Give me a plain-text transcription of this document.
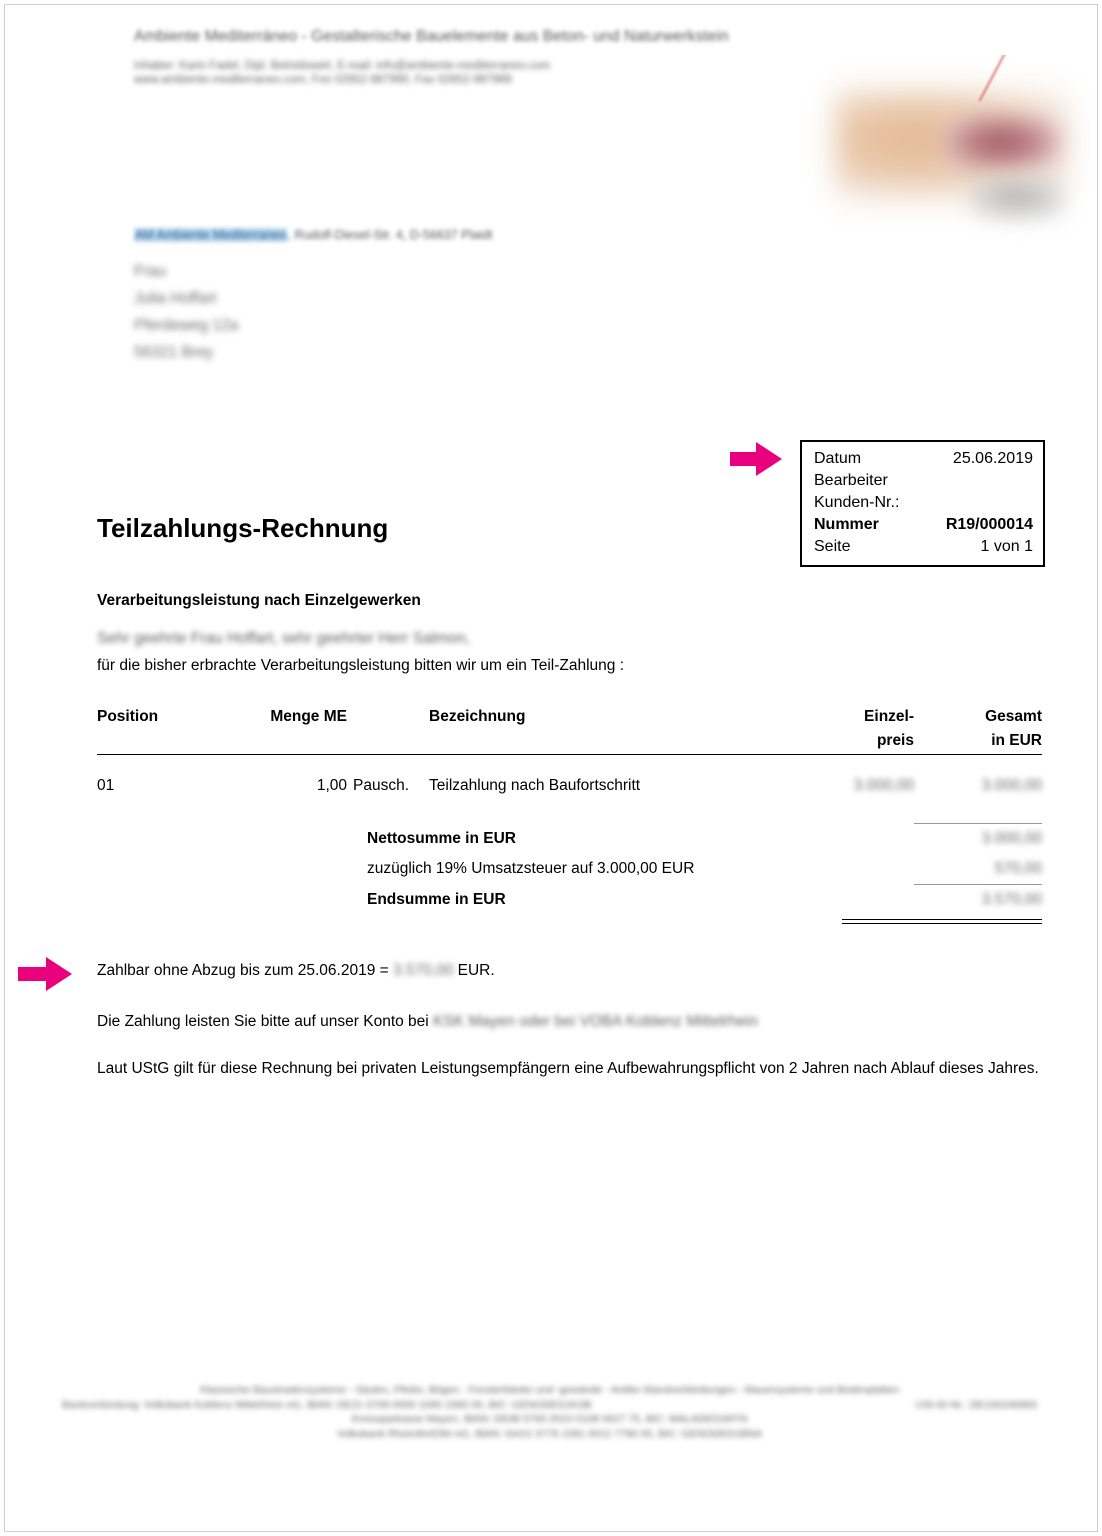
Ambiente Mediterráneo - Gestalterische Bauelemente aus Beton- und Naturwerkstein
Inhaber: Karin Fadel, Dipl. Betriebswirt, E-mail: info@ambiente-mediterraneo.com
www.ambiente-mediterraneo.com, Fon 02652-987990, Fax 02652-987989
AM Ambiente Mediterraneo, Rudolf-Diesel-Str. 4, D-56637 Plaidt
Frau
Julia Hoffart
Pferdeweg 12a
56321 Brey
Datum	25.06.2019
Bearbeiter
Kunden-Nr.:
Nummer	R19/000014
Seite	1 von 1
Teilzahlungs-Rechnung
Verarbeitungsleistung nach Einzelgewerken
Sehr geehrte Frau Hoffart, sehr geehrter Herr Salmon,
für die bisher erbrachte Verarbeitungsleistung bitten wir um ein Teil-Zahlung :
Position	Menge ME	Bezeichnung	Einzel-	Gesamt
preis	in EUR
01	1,00 Pausch.	Teilzahlung nach Baufortschritt	3.000,00	3.000,00
Nettosumme in EUR	3.000,00
zuzüglich 19% Umsatzsteuer auf 3.000,00 EUR	570,00
Endsumme in EUR	3.570,00
Zahlbar ohne Abzug bis zum 25.06.2019 = 3.570,00 EUR.
Die Zahlung leisten Sie bitte auf unser Konto bei KSK Mayen oder bei VOBA Koblenz Mittelrhein
Laut UStG gilt für diese Rechnung bei privaten Leistungsempfängern eine Aufbewahrungspflicht von 2 Jahren nach Ablauf dieses Jahres.
Klassische Baustradensysteme - Säulen, Pfeiler, Bögen - Fensterbänke und -gewände - Antike Wandverkleidungen - Mauersysteme und Bodenplatten
Bankverbindung: Volksbank Koblenz Mittelrhein eG, IBAN: DE21 5709 0000 1065 2360 00, BIC: GENODE51KOB	USt-ID-Nr.: DE160246993
Kreissparkasse Mayen, IBAN: DE98 5765 0010 0108 0627 75, BIC: MALADE51MYN
Volksbank RheinAhrEifel eG, IBAN: DeO1 5776 1591 0012 7790 00, BIC: GENODED1BNA
